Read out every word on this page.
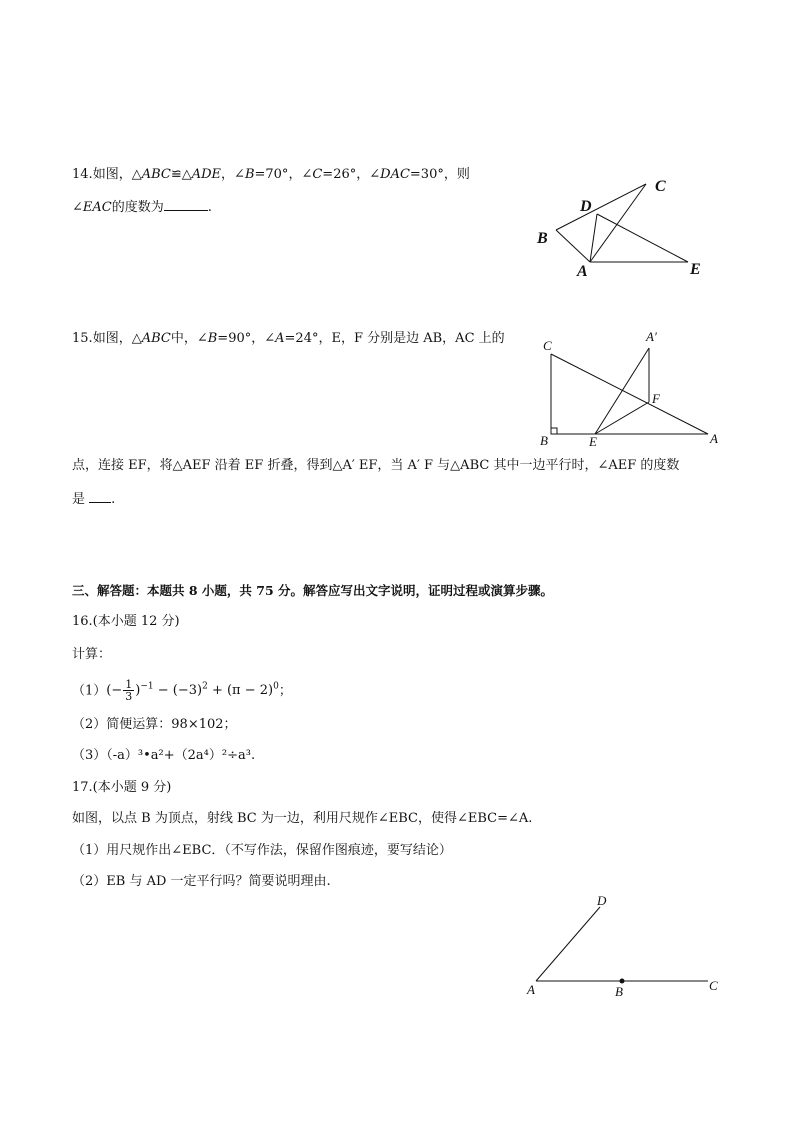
14.如图，△ABC≌△ADE，∠B=70°，∠C=26°，∠DAC=30°，则
∠EAC的度数为	.	D
C
B
A	E
15.如图，△ABC中，∠B=90°，∠A=24°，E，F 分别是边 AB，AC 上的
点，连接 EF，将△AEF 沿着 EF 折叠，得到△A′ EF，当 A′ F 与△ABC 其中一边平行时，∠AEF 的度数
是 .
C
A′
F
B	E	A
三、解答题：本题共 8 小题，共 75 分。解答应写出文字说明，证明过程或演算步骤。
16.(本小题 12 分)
计算：
$(1)(- \frac{1}{3} )^{-1} - (-3)^2 + (\pi - 2)^0$；
（2）简便运算：98×102；
（3）（-a）³•a²+（2a⁴）²÷a³.
17.(本小题 9 分)
如图，以点 B 为顶点，射线 BC 为一边，利用尺规作∠EBC，使得∠EBC=∠A.
（1）用尺规作出∠EBC．（不写作法，保留作图痕迹，要写结论）
（2）EB 与 AD 一定平行吗？简要说明理由.
D
A	B	C
